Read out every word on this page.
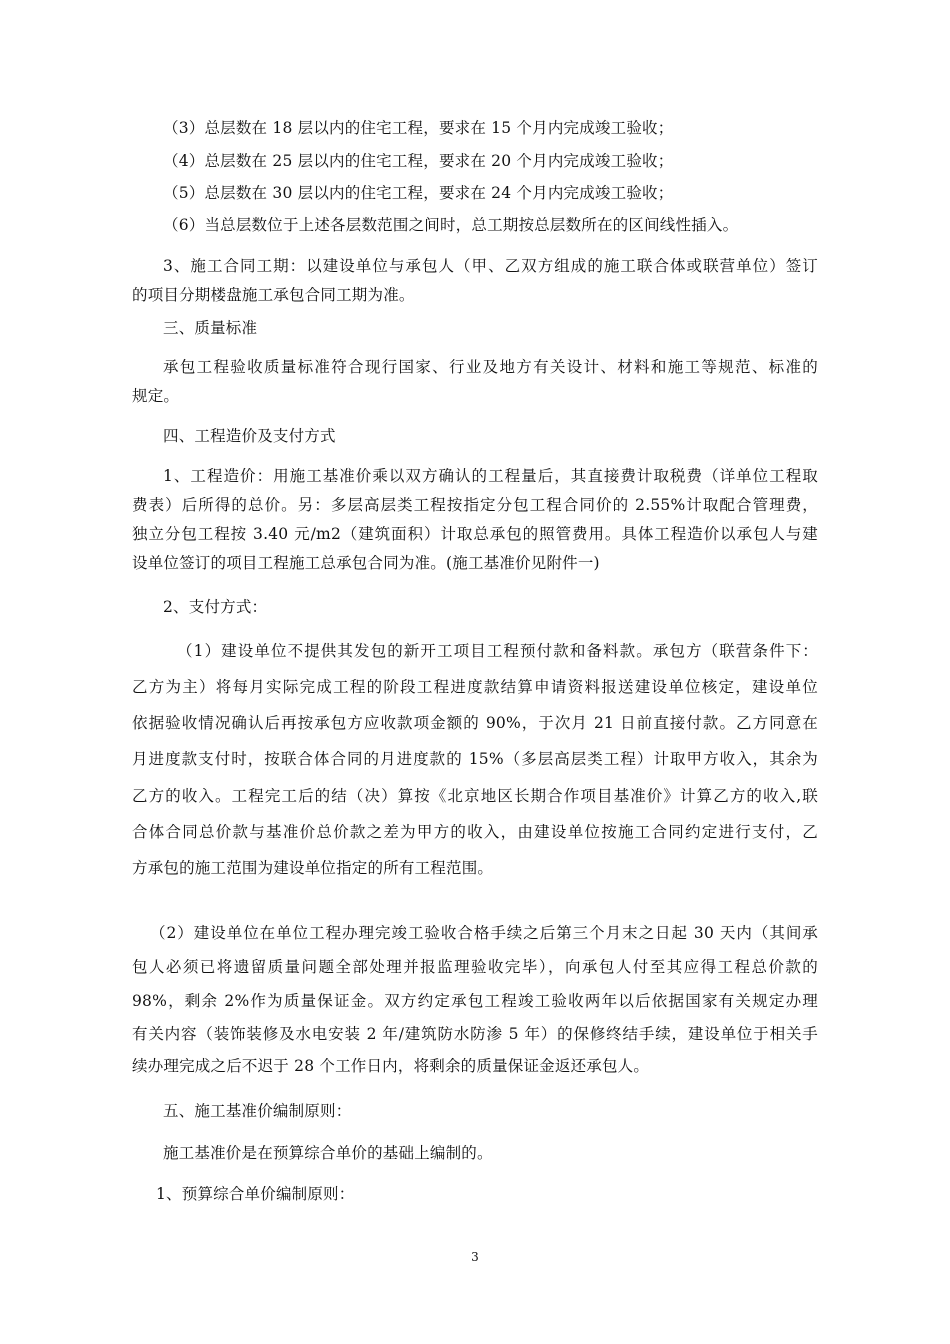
（3）总层数在 18 层以内的住宅工程，要求在 15 个月内完成竣工验收；
（4）总层数在 25 层以内的住宅工程，要求在 20 个月内完成竣工验收；
（5）总层数在 30 层以内的住宅工程，要求在 24 个月内完成竣工验收；
（6）当总层数位于上述各层数范围之间时，总工期按总层数所在的区间线性插入。
3、施工合同工期：以建设单位与承包人（甲、乙双方组成的施工联合体或联营单位）签订
的项目分期楼盘施工承包合同工期为准。
三、质量标准
承包工程验收质量标准符合现行国家、行业及地方有关设计、材料和施工等规范、标准的
规定。
四、工程造价及支付方式
1、工程造价：用施工基准价乘以双方确认的工程量后，其直接费计取税费（详单位工程取
费表）后所得的总价。另：多层高层类工程按指定分包工程合同价的 2.55%计取配合管理费，
独立分包工程按 3.40 元/m2（建筑面积）计取总承包的照管费用。具体工程造价以承包人与建
设单位签订的项目工程施工总承包合同为准。(施工基准价见附件一)
2、支付方式：
（1）建设单位不提供其发包的新开工项目工程预付款和备料款。承包方（联营条件下：
乙方为主）将每月实际完成工程的阶段工程进度款结算申请资料报送建设单位核定，建设单位
依据验收情况确认后再按承包方应收款项金额的 90%，于次月 21 日前直接付款。乙方同意在
月进度款支付时，按联合体合同的月进度款的 15%（多层高层类工程）计取甲方收入，其余为
乙方的收入。工程完工后的结（决）算按《北京地区长期合作项目基准价》计算乙方的收入,联
合体合同总价款与基准价总价款之差为甲方的收入，由建设单位按施工合同约定进行支付，乙
方承包的施工范围为建设单位指定的所有工程范围。
（2）建设单位在单位工程办理完竣工验收合格手续之后第三个月末之日起 30 天内（其间承
包人必须已将遗留质量问题全部处理并报监理验收完毕），向承包人付至其应得工程总价款的
98%，剩余 2%作为质量保证金。双方约定承包工程竣工验收两年以后依据国家有关规定办理
有关内容（装饰装修及水电安装 2 年/建筑防水防渗 5 年）的保修终结手续，建设单位于相关手
续办理完成之后不迟于 28 个工作日内，将剩余的质量保证金返还承包人。
五、施工基准价编制原则：
施工基准价是在预算综合单价的基础上编制的。
1、预算综合单价编制原则：
3
